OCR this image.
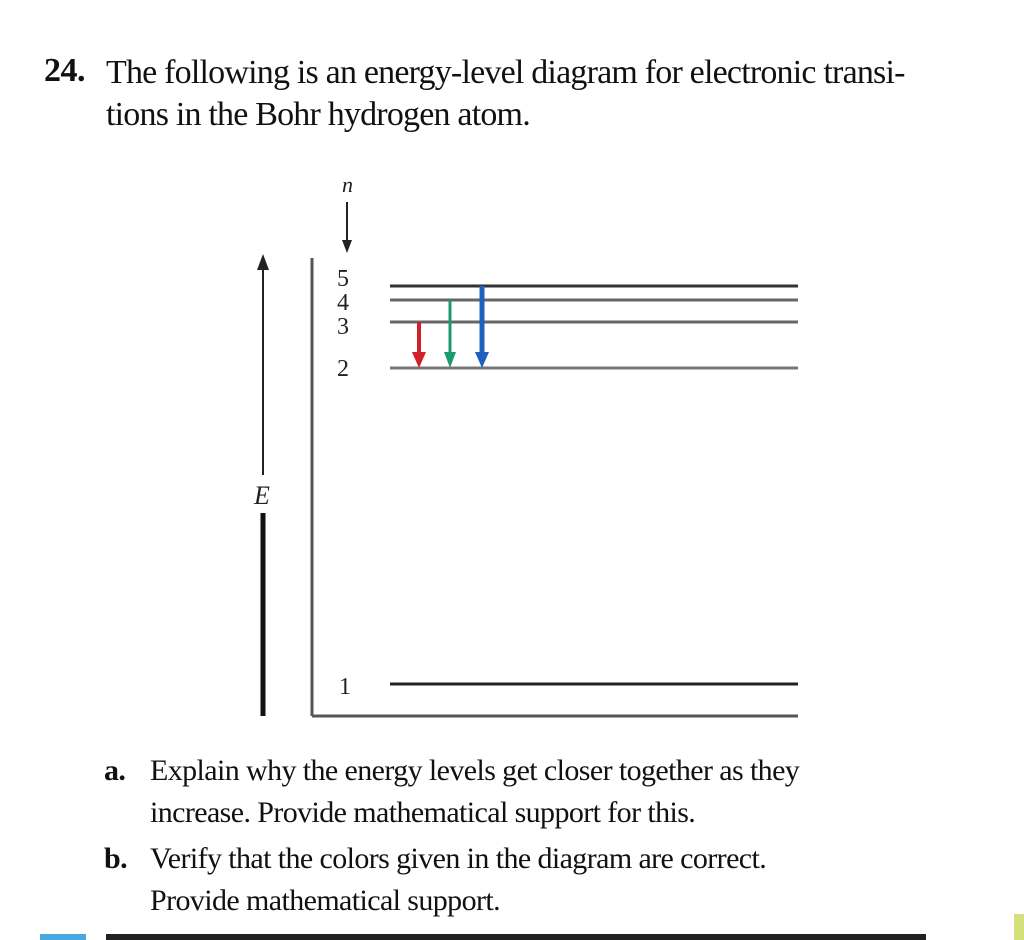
24. The following is an energy-level diagram for electronic transi-
tions in the Bohr hydrogen atom.
n
E
5
4
3
2
1
a. Explain why the energy levels get closer together as they
increase. Provide mathematical support for this.
b. Verify that the colors given in the diagram are correct.
Provide mathematical support.
